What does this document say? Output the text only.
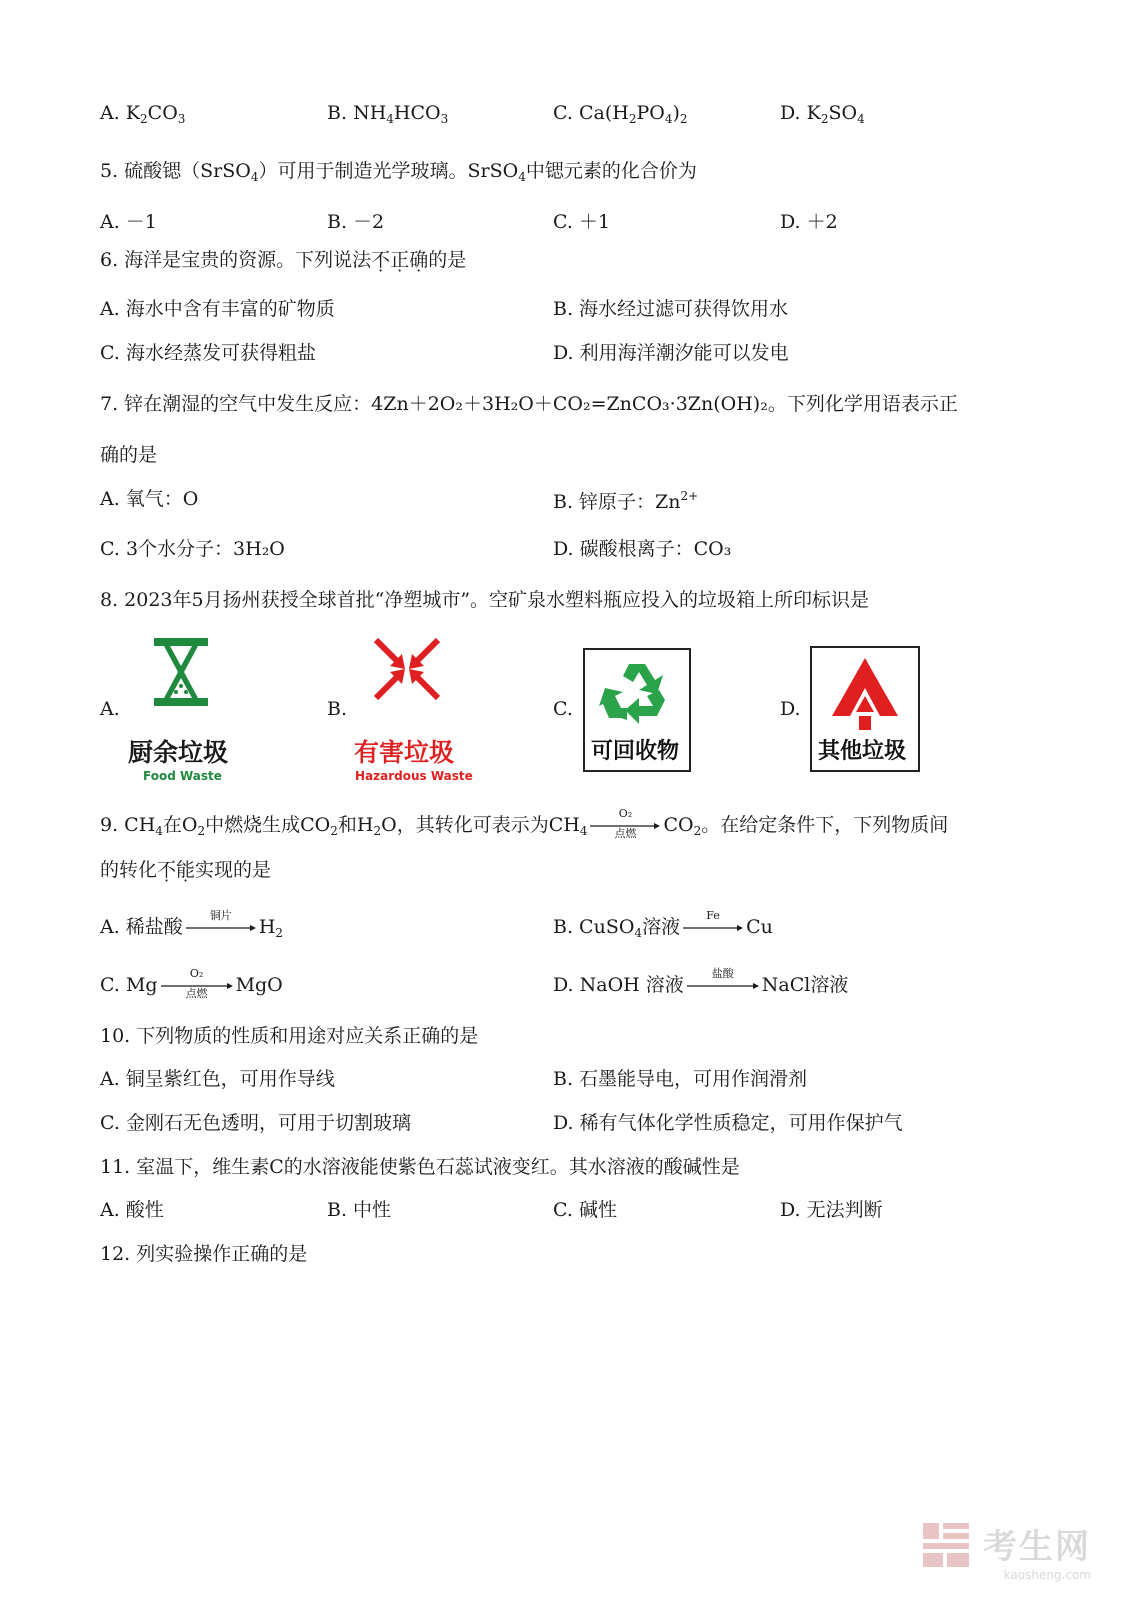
A. $K_2CO_3$	B. $NH_4HCO_3$	C. $Ca(H_2PO_4)_2$	D. $K_2SO_4$
5. 硫酸锶（SrSO$_4$）可用于制造光学玻璃。SrSO$_4$中锶元素的化合价为
A. －1	B. －2	C. ＋1	D. ＋2
6. 海洋是宝贵的资源。下列说法不正确的是
A. 海水中含有丰富的矿物质	B. 海水经过滤可获得饮用水
C. 海水经蒸发可获得粗盐	D. 利用海洋潮汐能可以发电
7. 锌在潮湿的空气中发生反应：4Zn＋2O₂＋3H₂O＋CO₂=ZnCO₃·3Zn(OH)₂。下列化学用语表示正
确的是
A. 氧气：O	B. 锌原子：$Zn^{2+}$
C. 3个水分子：3H₂O	D. 碳酸根离子：CO₃
8. 2023年5月扬州获授全球首批“净塑城市”。空矿泉水塑料瓶应投入的垃圾箱上所印标识是
A.
厨余垃圾
Food Waste
B.
有害垃圾
Hazardous Waste
C.
可回收物
D.
其他垃圾
9. $CH_4$在$O_2$中燃烧生成$CO_2$和$H_2O$，其转化可表示为$CH_4$
O₂
点燃	$CO_2$。在给定条件下，下列物质间
的转化不能实现的是
A. 稀盐酸
铜片
$H_2$	B. CuSO$_4$溶液
Fe
Cu
C. Mg
O₂
点燃	MgO	D. NaOH 溶液
盐酸
NaCl溶液
10. 下列物质的性质和用途对应关系正确的是
A. 铜呈紫红色，可用作导线	B. 石墨能导电，可用作润滑剂
C. 金刚石无色透明，可用于切割玻璃	D. 稀有气体化学性质稳定，可用作保护气
11. 室温下，维生素C的水溶液能使紫色石蕊试液变红。其水溶液的酸碱性是
A. 酸性	B. 中性	C. 碱性	D. 无法判断
12. 列实验操作正确的是
考生网
kaosheng.com
